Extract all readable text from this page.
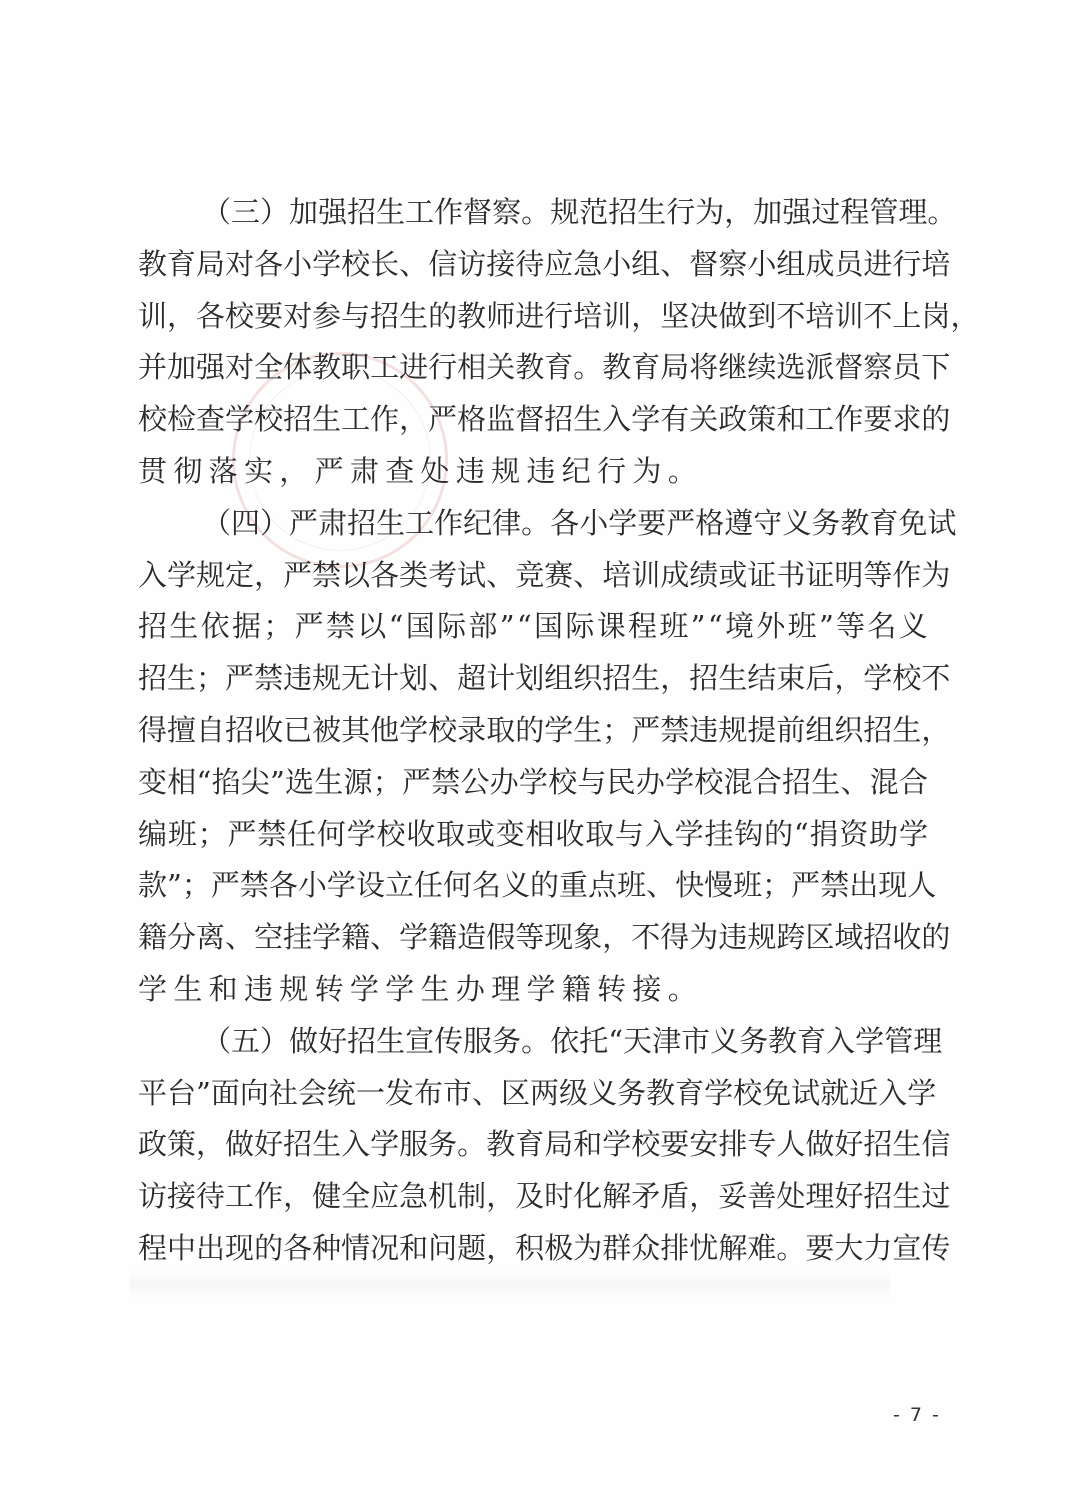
（ 三 ） 加 强 招 生 工 作 督 察 。 规 范 招 生 行 为 ， 加 强 过 程 管 理 。
教 育 局 对 各 小 学 校 长 、 信 访 接 待 应 急 小 组 、 督 察 小 组 成 员 进 行 培
训 ， 各 校 要 对 参 与 招 生 的 教 师 进 行 培 训 ， 坚 决 做 到 不 培 训 不 上 岗 ，
并 加 强 对 全 体 教 职 工 进 行 相 关 教 育 。 教 育 局 将 继 续 选 派 督 察 员 下
校 检 查 学 校 招 生 工 作 ， 严 格 监 督 招 生 入 学 有 关 政 策 和 工 作 要 求 的
贯 彻 落 实 ， 严 肃 查 处 违 规 违 纪 行 为 。
（ 四 ） 严 肃 招 生 工 作 纪 律 。 各 小 学 要 严 格 遵 守 义 务 教 育 免 试
入 学 规 定 ， 严 禁 以 各 类 考 试 、 竞 赛 、 培 训 成 绩 或 证 书 证 明 等 作 为
招 生 依 据 ； 严 禁 以 “ 国 际 部 ” “ 国 际 课 程 班 ” “ 境 外 班 ” 等 名 义
招 生 ； 严 禁 违 规 无 计 划 、 超 计 划 组 织 招 生 ， 招 生 结 束 后 ， 学 校 不
得 擅 自 招 收 已 被 其 他 学 校 录 取 的 学 生 ； 严 禁 违 规 提 前 组 织 招 生 ，
变 相 “ 掐 尖 ” 选 生 源 ； 严 禁 公 办 学 校 与 民 办 学 校 混 合 招 生 、 混 合
编 班 ； 严 禁 任 何 学 校 收 取 或 变 相 收 取 与 入 学 挂 钩 的 “ 捐 资 助 学
款 ” ； 严 禁 各 小 学 设 立 任 何 名 义 的 重 点 班 、 快 慢 班 ； 严 禁 出 现 人
籍 分 离 、 空 挂 学 籍 、 学 籍 造 假 等 现 象 ， 不 得 为 违 规 跨 区 域 招 收 的
学 生 和 违 规 转 学 学 生 办 理 学 籍 转 接 。
（ 五 ） 做 好 招 生 宣 传 服 务 。 依 托 “ 天 津 市 义 务 教 育 入 学 管 理
平 台 ” 面 向 社 会 统 一 发 布 市 、 区 两 级 义 务 教 育 学 校 免 试 就 近 入 学
政 策 ， 做 好 招 生 入 学 服 务 。 教 育 局 和 学 校 要 安 排 专 人 做 好 招 生 信
访 接 待 工 作 ， 健 全 应 急 机 制 ， 及 时 化 解 矛 盾 ， 妥 善 处 理 好 招 生 过
程 中 出 现 的 各 种 情 况 和 问 题 ， 积 极 为 群 众 排 忧 解 难 。 要 大 力 宣 传
- 7 -
